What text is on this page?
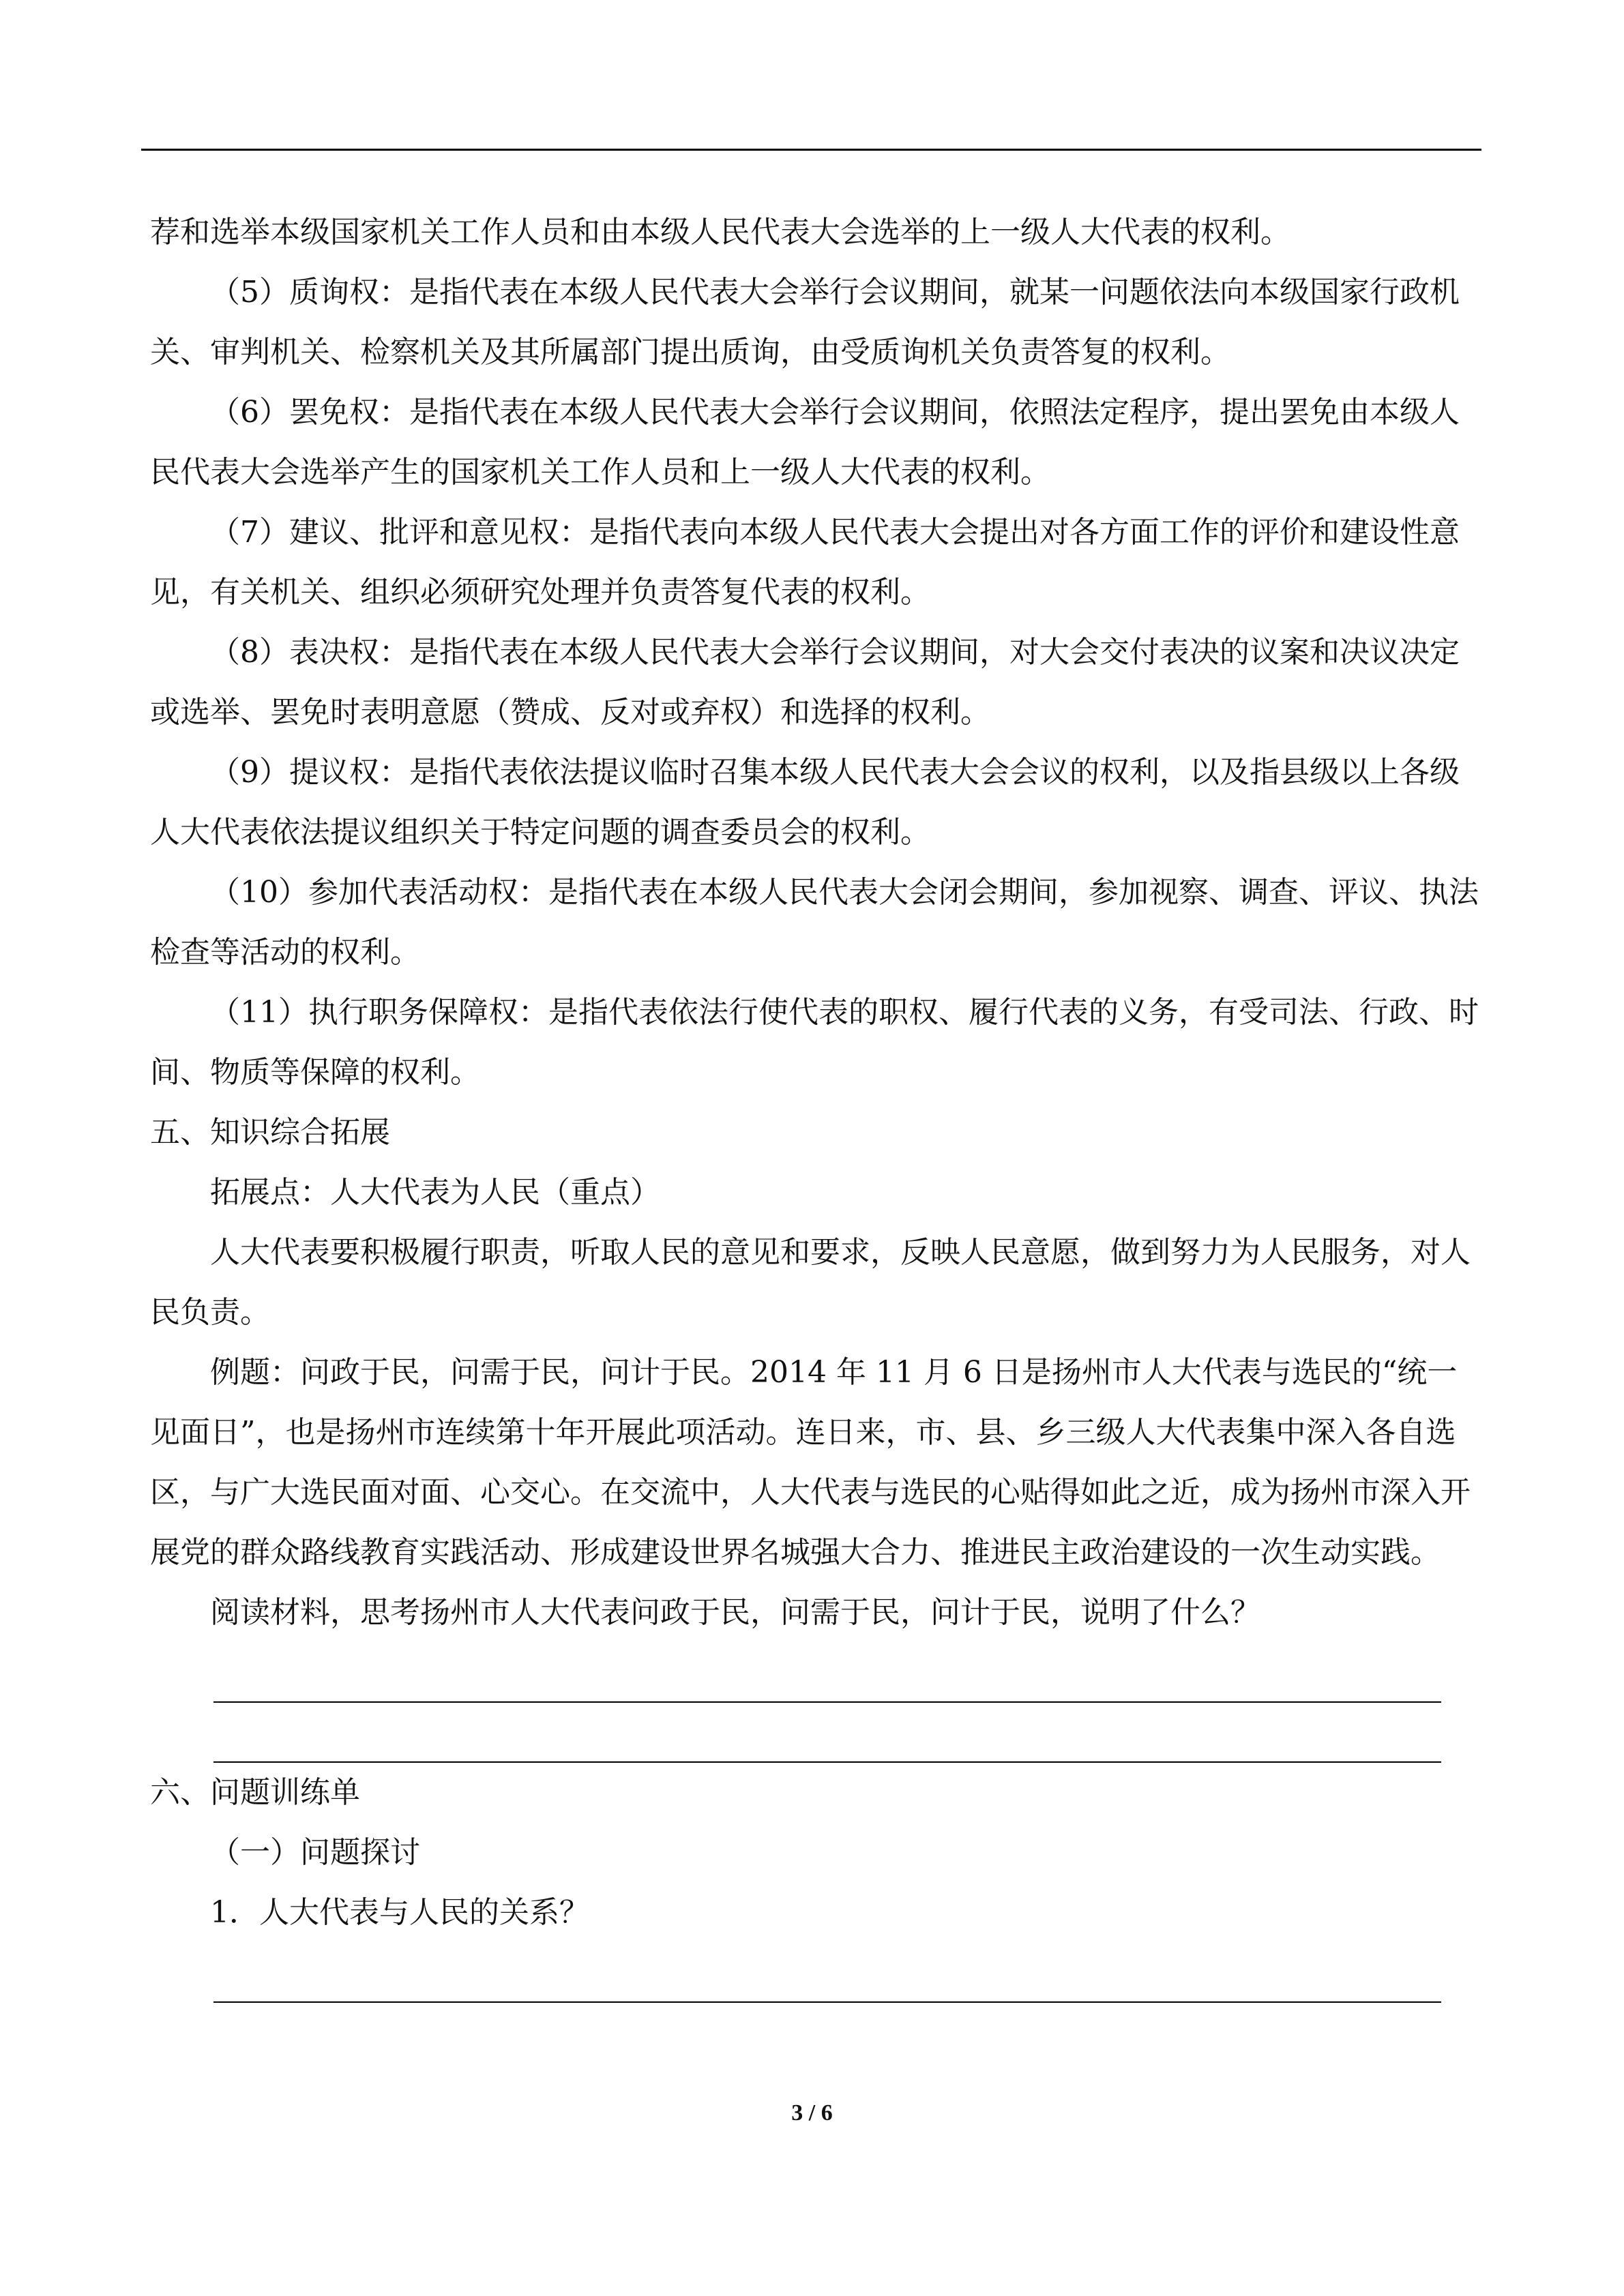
荐和选举本级国家机关工作人员和由本级人民代表大会选举的上一级人大代表的权利。

（5）质询权：是指代表在本级人民代表大会举行会议期间，就某一问题依法向本级国家行政机关、审判机关、检察机关及其所属部门提出质询，由受质询机关负责答复的权利。

（6）罢免权：是指代表在本级人民代表大会举行会议期间，依照法定程序，提出罢免由本级人民代表大会选举产生的国家机关工作人员和上一级人大代表的权利。

（7）建议、批评和意见权：是指代表向本级人民代表大会提出对各方面工作的评价和建设性意见，有关机关、组织必须研究处理并负责答复代表的权利。

（8）表决权：是指代表在本级人民代表大会举行会议期间，对大会交付表决的议案和决议决定或选举、罢免时表明意愿（赞成、反对或弃权）和选择的权利。

（9）提议权：是指代表依法提议临时召集本级人民代表大会会议的权利，以及指县级以上各级人大代表依法提议组织关于特定问题的调查委员会的权利。

（10）参加代表活动权：是指代表在本级人民代表大会闭会期间，参加视察、调查、评议、执法检查等活动的权利。

（11）执行职务保障权：是指代表依法行使代表的职权、履行代表的义务，有受司法、行政、时间、物质等保障的权利。

五、知识综合拓展

拓展点：人大代表为人民（重点）

人大代表要积极履行职责，听取人民的意见和要求，反映人民意愿，做到努力为人民服务，对人民负责。

例题：问政于民，问需于民，问计于民。2014 年 11 月 6 日是扬州市人大代表与选民的“统一见面日”，也是扬州市连续第十年开展此项活动。连日来，市、县、乡三级人大代表集中深入各自选区，与广大选民面对面、心交心。在交流中，人大代表与选民的心贴得如此之近，成为扬州市深入开展党的群众路线教育实践活动、形成建设世界名城强大合力、推进民主政治建设的一次生动实践。

阅读材料，思考扬州市人大代表问政于民，问需于民，问计于民，说明了什么？

六、问题训练单

（一）问题探讨

1．人大代表与人民的关系？

3 / 6
